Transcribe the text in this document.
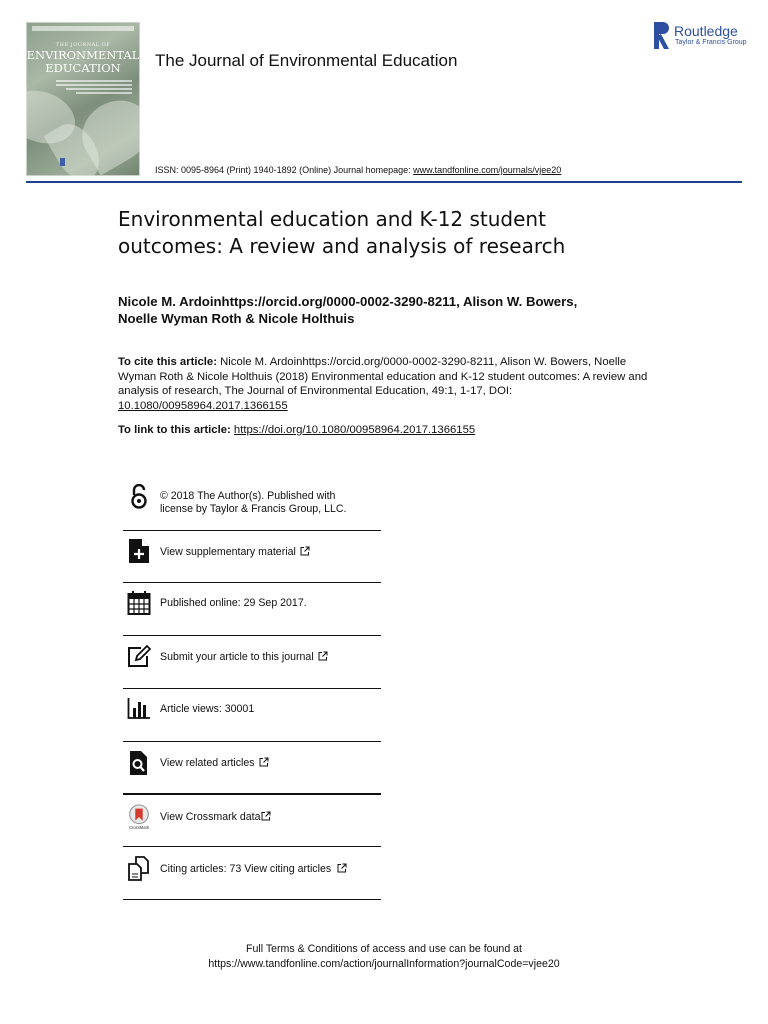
THE JOURNAL OF
ENVIRONMENTAL
EDUCATION	The Journal of Environmental Education
ISSN: 0095-8964 (Print) 1940-1892 (Online) Journal homepage: www.tandfonline.com/journals/vjee20
Routledge
Taylor & Francis Group
Environmental education and K-12 student
outcomes: A review and analysis of research
Nicole M. Ardoinhttps://orcid.org/0000-0002-3290-8211, Alison W. Bowers,
Noelle Wyman Roth & Nicole Holthuis
To cite this article: Nicole M. Ardoinhttps://orcid.org/0000-0002-3290-8211, Alison W. Bowers, Noelle Wyman Roth & Nicole Holthuis (2018) Environmental education and K-12 student outcomes: A review and analysis of research, The Journal of Environmental Education, 49:1, 1-17, DOI: 10.1080/00958964.2017.1366155
To link to this article: https://doi.org/10.1080/00958964.2017.1366155
© 2018 The Author(s). Published with
license by Taylor & Francis Group, LLC.
View supplementary material
Published online: 29 Sep 2017.
Submit your article to this journal
Article views: 30001
View related articles
CrossMark
View Crossmark data
Citing articles: 73 View citing articles
Full Terms & Conditions of access and use can be found at
https://www.tandfonline.com/action/journalInformation?journalCode=vjee20
